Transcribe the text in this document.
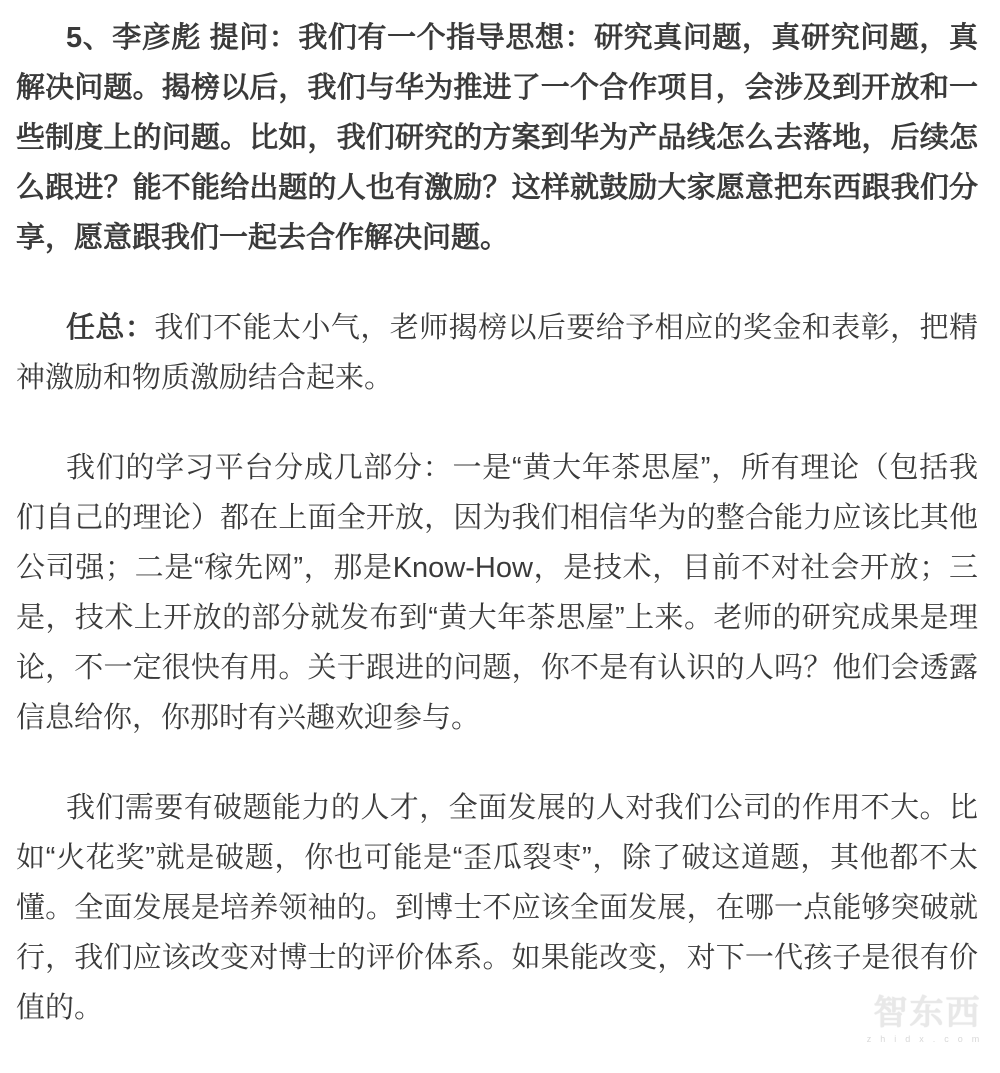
5、李彦彪 提问：我们有一个指导思想：研究真问题，真研究问题，真
解决问题。揭榜以后，我们与华为推进了一个合作项目，会涉及到开放和一
些制度上的问题。比如，我们研究的方案到华为产品线怎么去落地，后续怎
么跟进？能不能给出题的人也有激励？这样就鼓励大家愿意把东西跟我们分
享，愿意跟我们一起去合作解决问题。
任总：我们不能太小气，老师揭榜以后要给予相应的奖金和表彰，把精
神激励和物质激励结合起来。
我们的学习平台分成几部分：一是“黄大年茶思屋”，所有理论（包括我
们自己的理论）都在上面全开放，因为我们相信华为的整合能力应该比其他
公司强；二是“稼先网”，那是Know-How，是技术，目前不对社会开放；三
是，技术上开放的部分就发布到“黄大年茶思屋”上来。老师的研究成果是理
论，不一定很快有用。关于跟进的问题，你不是有认识的人吗？他们会透露
信息给你，你那时有兴趣欢迎参与。
我们需要有破题能力的人才，全面发展的人对我们公司的作用不大。比
如“火花奖”就是破题，你也可能是“歪瓜裂枣”，除了破这道题，其他都不太
懂。全面发展是培养领袖的。到博士不应该全面发展，在哪一点能够突破就
行，我们应该改变对博士的评价体系。如果能改变，对下一代孩子是很有价
值的。	智东西
zhidx.com
